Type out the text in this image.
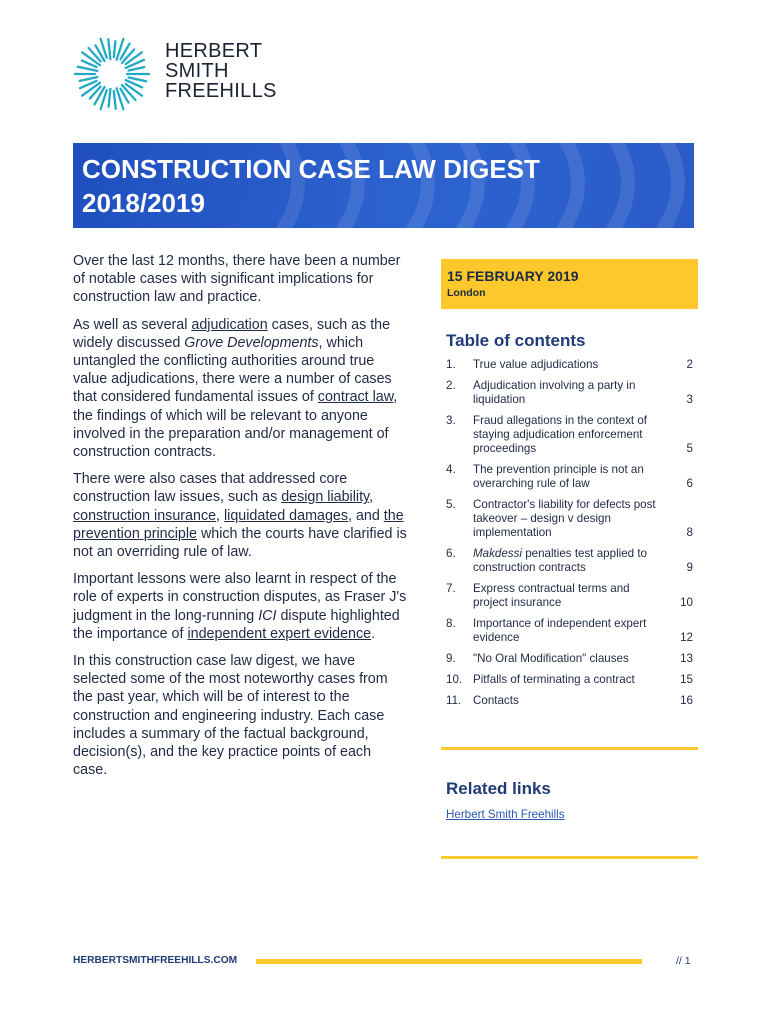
HERBERT
SMITH
FREEHILLS
CONSTRUCTION CASE LAW DIGEST
2018/2019

Over the last 12 months, there have been a number of notable cases with significant implications for construction law and practice.

As well as several adjudication cases, such as the widely discussed Grove Developments, which untangled the conflicting authorities around true value adjudications, there were a number of cases that considered fundamental issues of contract law, the findings of which will be relevant to anyone involved in the preparation and/or management of construction contracts.

There were also cases that addressed core construction law issues, such as design liability, construction insurance, liquidated damages, and the prevention principle which the courts have clarified is not an overriding rule of law.

Important lessons were also learnt in respect of the role of experts in construction disputes, as Fraser J's judgment in the long-running ICI dispute highlighted the importance of independent expert evidence.

In this construction case law digest, we have selected some of the most noteworthy cases from the past year, which will be of interest to the construction and engineering industry. Each case includes a summary of the factual background, decision(s), and the key practice points of each case.

15 FEBRUARY 2019
London
Table of contents
1. True value adjudications	2
2. Adjudication involving a party in liquidation	3
3. Fraud allegations in the context of staying adjudication enforcement proceedings	5
4. The prevention principle is not an overarching rule of law	6
5. Contractor's liability for defects post takeover – design v design implementation	8
6. Makdessi penalties test applied to construction contracts	9
7. Express contractual terms and project insurance	10
8. Importance of independent expert evidence	12
9. "No Oral Modification" clauses	13
10. Pitfalls of terminating a contract	15
11. Contacts	16
Related links
Herbert Smith Freehills
HERBERTSMITHFREEHILLS.COM	// 1
